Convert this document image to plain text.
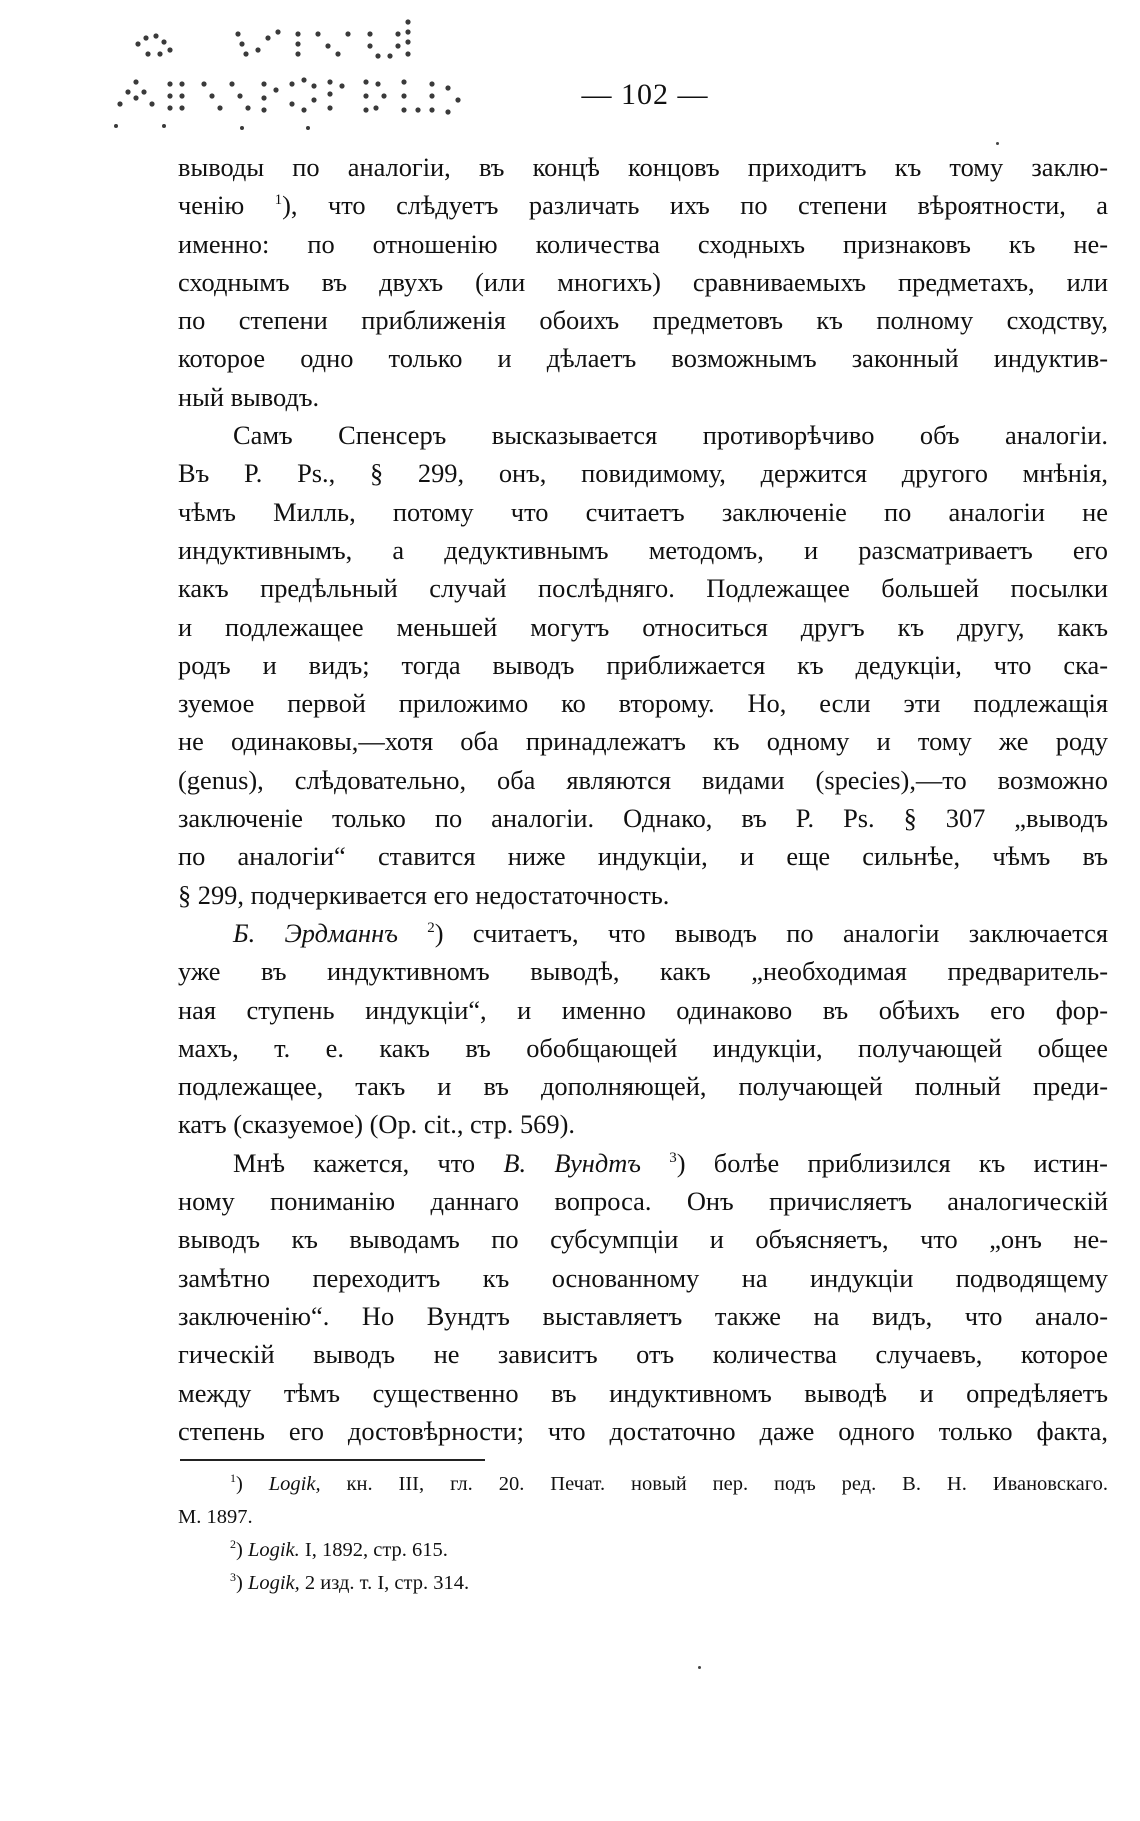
— 102 —
выводы по аналогіи, въ концѣ концовъ приходитъ къ тому заклю-
ченію $^1$), что слѣдуетъ различать ихъ по степени вѣроятности, а
именно: по отношенію количества сходныхъ признаковъ къ не-
сходнымъ въ двухъ (или многихъ) сравниваемыхъ предметахъ, или
по степени приближенія обоихъ предметовъ къ полному сходству,
которое одно только и дѣлаетъ возможнымъ законный индуктив-
ный выводъ.
Самъ Спенсеръ высказывается противорѣчиво объ аналогіи.
Въ P. Ps., § 299, онъ, повидимому, держится другого мнѣнія,
чѣмъ Милль, потому что считаетъ заключеніе по аналогіи не
индуктивнымъ, а дедуктивнымъ методомъ, и разсматриваетъ его
какъ предѣльный случай послѣдняго. Подлежащее большей посылки
и подлежащее меньшей могутъ относиться другъ къ другу, какъ
родъ и видъ; тогда выводъ приближается къ дедукціи, что ска-
зуемое первой приложимо ко второму. Но, если эти подлежащія
не одинаковы,—хотя оба принадлежатъ къ одному и тому же роду
(genus), слѣдовательно, оба являются видами (species),—то возможно
заключеніе только по аналогіи. Однако, въ P. Ps. § 307 „выводъ
по аналогіи“ ставится ниже индукціи, и еще сильнѣе, чѣмъ въ
§ 299, подчеркивается его недостаточность.
Б. Эрдманнъ $^2$) считаетъ, что выводъ по аналогіи заключается
уже въ индуктивномъ выводѣ, какъ „необходимая предваритель-
ная ступень индукціи“, и именно одинаково въ обѣихъ его фор-
махъ, т. е. какъ въ обобщающей индукціи, получающей общее
подлежащее, такъ и въ дополняющей, получающей полный преди-
катъ (сказуемое) (Op. cit., стр. 569).
Мнѣ кажется, что В. Вундтъ $^3$) болѣе приблизился къ истин-
ному пониманію даннаго вопроса. Онъ причисляетъ аналогическій
выводъ къ выводамъ по субсумпціи и объясняетъ, что „онъ не-
замѣтно переходитъ къ основанному на индукціи подводящему
заключенію“. Но Вундтъ выставляетъ также на видъ, что анало-
гическій выводъ не зависитъ отъ количества случаевъ, которое
между тѣмъ существенно въ индуктивномъ выводѣ и опредѣляетъ
степень его достовѣрности; что достаточно даже одного только факта,
$^1$) Logik, кн. III, гл. 20. Печат. новый пер. подъ ред. В. Н. Ивановскаго.
М. 1897.
$^2$) Logik. I, 1892, стр. 615.
$^3$) Logik, 2 изд. т. I, стр. 314.
